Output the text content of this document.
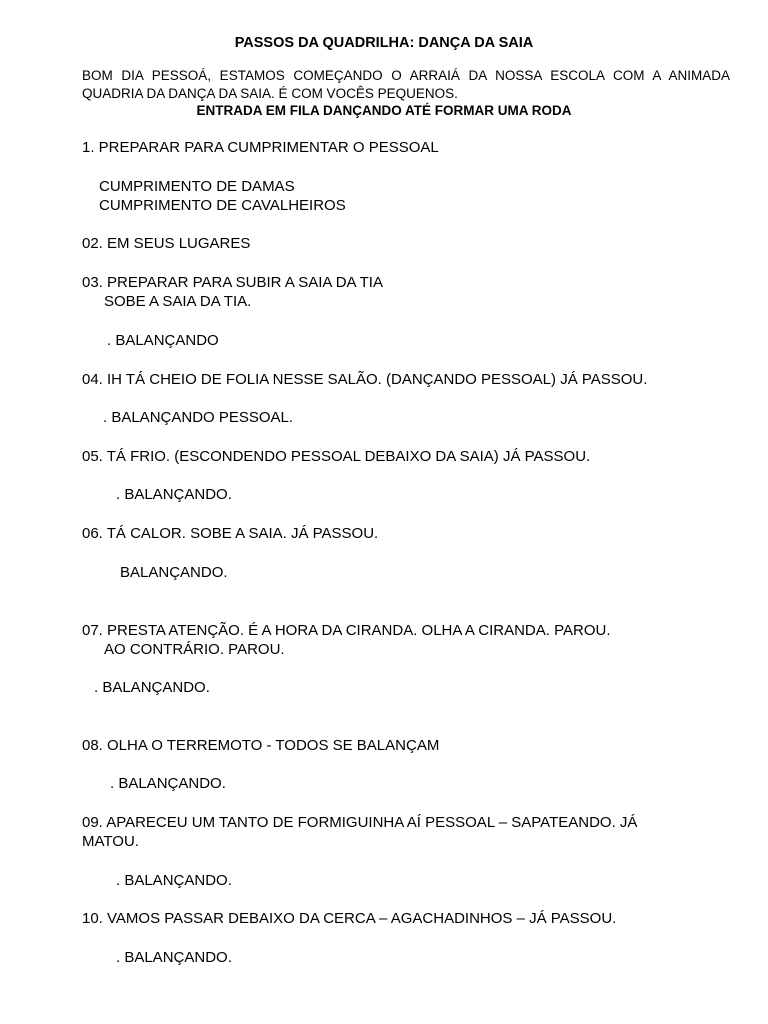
PASSOS DA QUADRILHA: DANÇA DA SAIA
BOM DIA PESSOÁ, ESTAMOS COMEÇANDO O ARRAIÁ DA NOSSA ESCOLA COM A ANIMADA
QUADRIA DA DANÇA DA SAIA. É COM VOCÊS PEQUENOS.
ENTRADA EM FILA DANÇANDO ATÉ FORMAR UMA RODA
1. PREPARAR PARA CUMPRIMENTAR O PESSOAL
CUMPRIMENTO DE DAMAS
CUMPRIMENTO DE CAVALHEIROS
02. EM SEUS LUGARES
03. PREPARAR PARA SUBIR A SAIA DA TIA
SOBE A SAIA DA TIA.
. BALANÇANDO
04. IH TÁ CHEIO DE FOLIA NESSE SALÃO. (DANÇANDO PESSOAL) JÁ PASSOU.
. BALANÇANDO PESSOAL.
05. TÁ FRIO. (ESCONDENDO PESSOAL DEBAIXO DA SAIA) JÁ PASSOU.
. BALANÇANDO.
06. TÁ CALOR. SOBE A SAIA. JÁ PASSOU.
BALANÇANDO.
07. PRESTA ATENÇÃO. É A HORA DA CIRANDA. OLHA A CIRANDA. PAROU.
AO CONTRÁRIO. PAROU.
. BALANÇANDO.
08. OLHA O TERREMOTO - TODOS SE BALANÇAM
. BALANÇANDO.
09. APARECEU UM TANTO DE FORMIGUINHA AÍ PESSOAL – SAPATEANDO. JÁ
MATOU.
. BALANÇANDO.
10. VAMOS PASSAR DEBAIXO DA CERCA – AGACHADINHOS – JÁ PASSOU.
. BALANÇANDO.
